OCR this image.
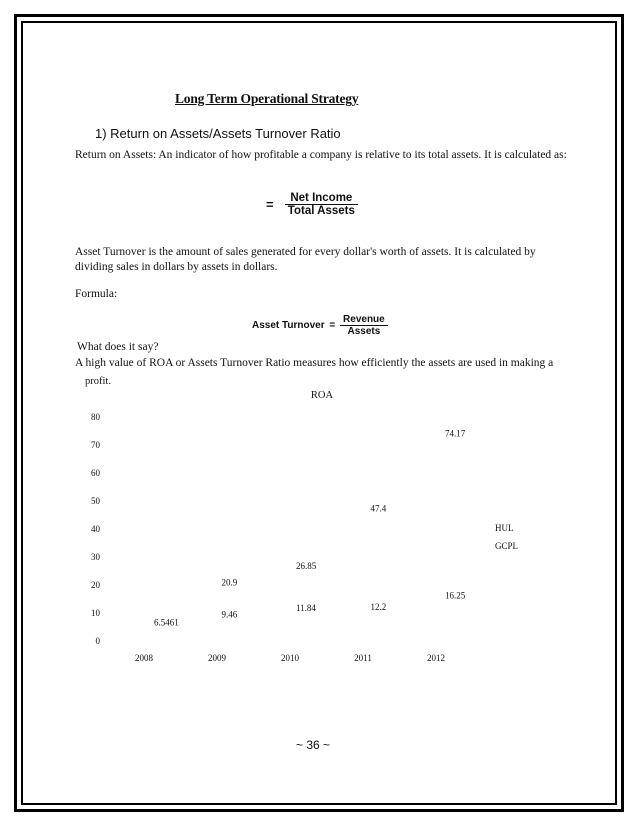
Long Term Operational Strategy
1) Return on Assets/Assets Turnover Ratio
Return on Assets: An indicator of how profitable a company is relative to its total assets. It is calculated as:
= $\frac{\text{Net Income}}{\text{Total Assets}}$
Asset Turnover is the amount of sales generated for every dollar's worth of assets. It is calculated by dividing sales in dollars by assets in dollars.
Formula:
Asset Turnover = $\frac{\text{Revenue}}{\text{Assets}}$
What does it say?
A high value of ROA or Assets Turnover Ratio measures how efficiently the assets are used in making a
profit.
ROA
0
10
20
30
40
50
60
70
80
2008	2009	2010	2011	2012
20.9
26.85
47.4
74.17
6.5461
9.46
11.84	12.2
16.25
HUL
GCPL
~ 36 ~
